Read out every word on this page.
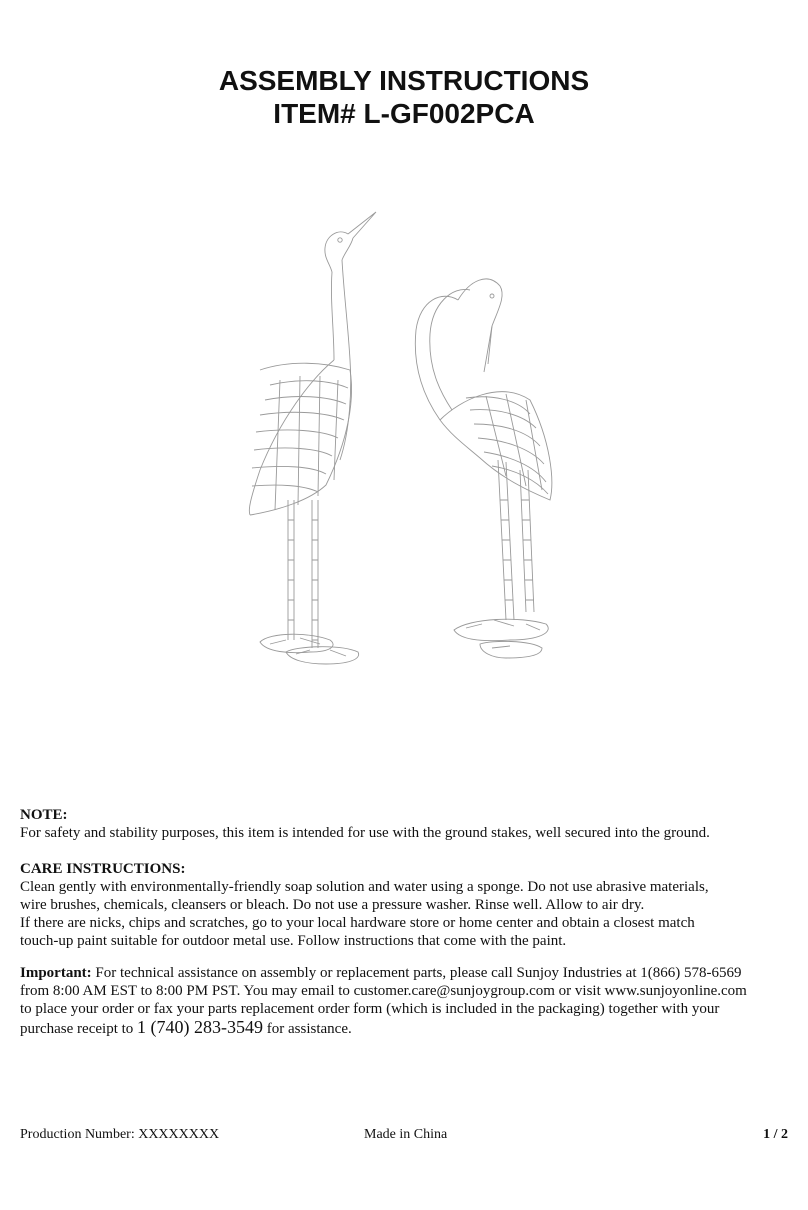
ASSEMBLY INSTRUCTIONS
ITEM# L-GF002PCA
NOTE:
For safety and stability purposes, this item is intended for use with the ground stakes, well secured into the ground.
CARE INSTRUCTIONS:
Clean gently with environmentally-friendly soap solution and water using a sponge. Do not use abrasive materials,
wire brushes, chemicals, cleansers or bleach. Do not use a pressure washer. Rinse well. Allow to air dry.
If there are nicks, chips and scratches, go to your local hardware store or home center and obtain a closest match
touch-up paint suitable for outdoor metal use. Follow instructions that come with the paint.
Important: For technical assistance on assembly or replacement parts, please call Sunjoy Industries at 1(866) 578-6569
from 8:00 AM EST to 8:00 PM PST. You may email to customer.care@sunjoygroup.com or visit www.sunjoyonline.com
to place your order or fax your parts replacement order form (which is included in the packaging) together with your
purchase receipt to 1 (740) 283-3549 for assistance.
Production Number: XXXXXXXX	Made in China	1 / 2
